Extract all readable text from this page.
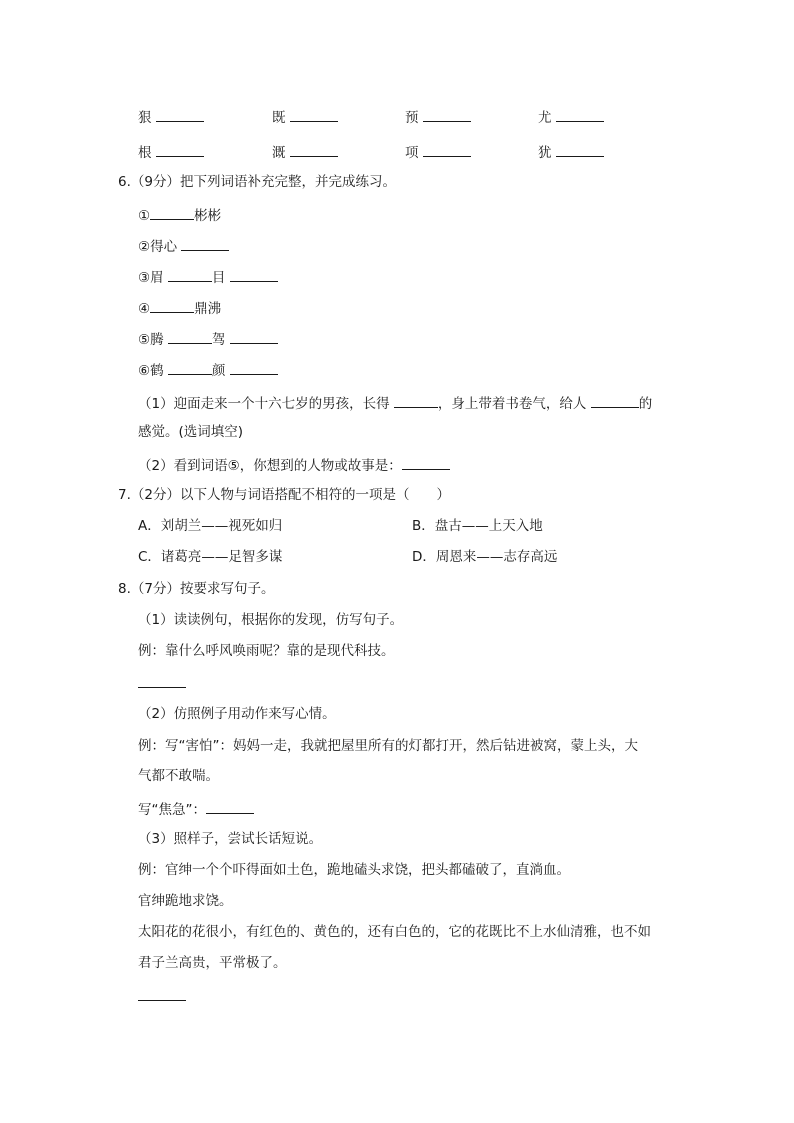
狠	既	预	尤
根	溉	项	犹
6.（9分）把下列词语补充完整，并完成练习。
①	彬彬
②得心
③眉	目
④	鼎沸
⑤腾	驾
⑥鹤	颜
（1）迎面走来一个十六七岁的男孩，长得	，身上带着书卷气，给人	的
感觉。(选词填空)
（2）看到词语⑤，你想到的人物或故事是：
7.（2分）以下人物与词语搭配不相符的一项是（　　）
A．刘胡兰——视死如归	B．盘古——上天入地
C．诸葛亮——足智多谋	D．周恩来——志存高远
8.（7分）按要求写句子。
（1）读读例句，根据你的发现，仿写句子。
例：靠什么呼风唤雨呢？靠的是现代科技。
（2）仿照例子用动作来写心情。
例：写“害怕”：妈妈一走，我就把屋里所有的灯都打开，然后钻进被窝，蒙上头，大
气都不敢喘。
写“焦急”：
（3）照样子，尝试长话短说。
例：官绅一个个吓得面如土色，跪地磕头求饶，把头都磕破了，直淌血。
官绅跪地求饶。
太阳花的花很小，有红色的、黄色的，还有白色的，它的花既比不上水仙清雅，也不如
君子兰高贵，平常极了。
